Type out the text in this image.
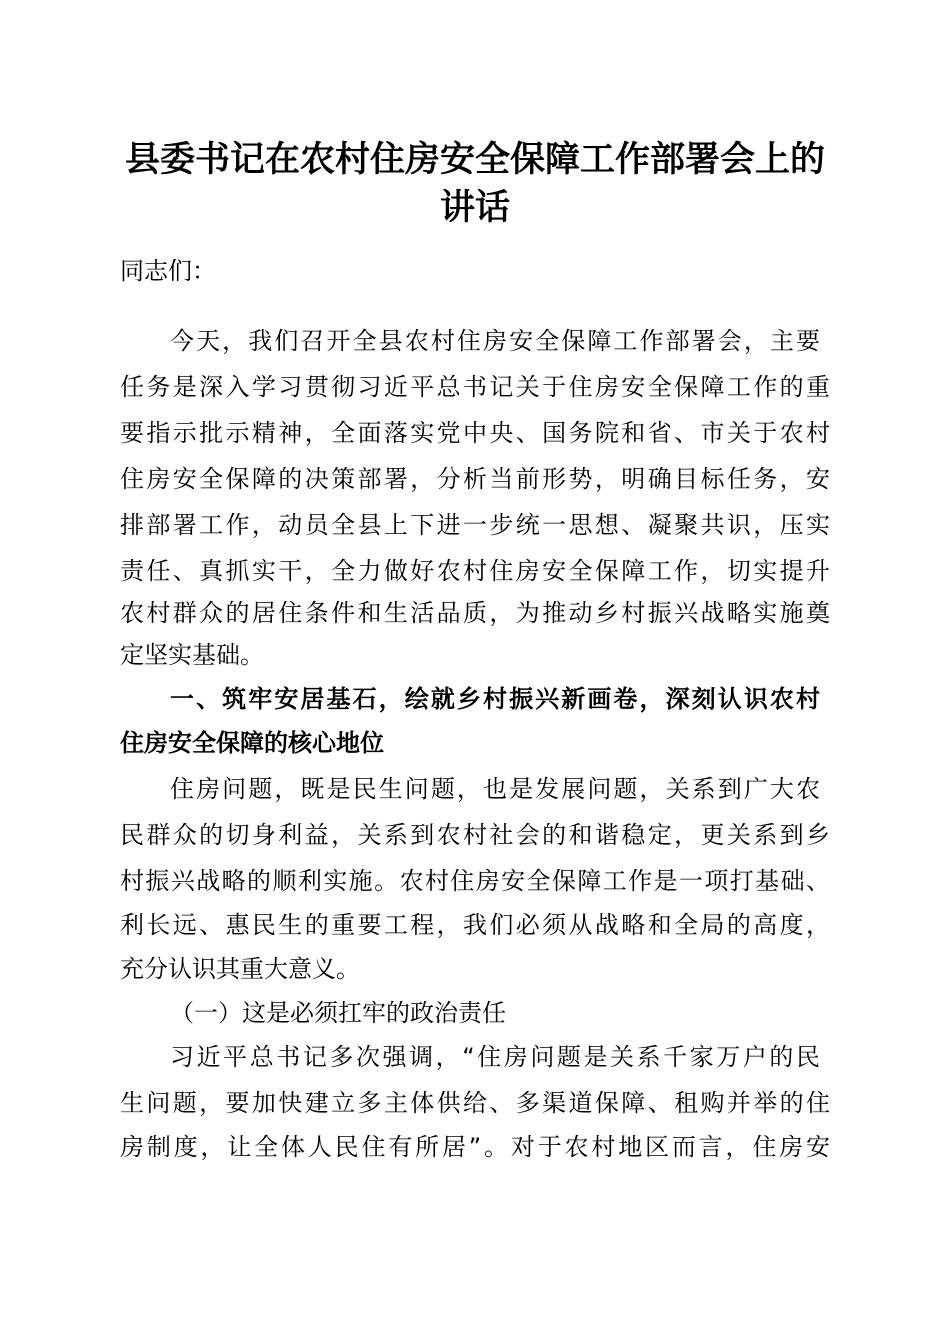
县委书记在农村住房安全保障工作部署会上的
讲话
同志们：
今天，我们召开全县农村住房安全保障工作部署会，主要
任务是深入学习贯彻习近平总书记关于住房安全保障工作的重
要指示批示精神，全面落实党中央、国务院和省、市关于农村
住房安全保障的决策部署，分析当前形势，明确目标任务，安
排部署工作，动员全县上下进一步统一思想、凝聚共识，压实
责任、真抓实干，全力做好农村住房安全保障工作，切实提升
农村群众的居住条件和生活品质，为推动乡村振兴战略实施奠
定坚实基础。
一、筑牢安居基石，绘就乡村振兴新画卷，深刻认识农村
住房安全保障的核心地位
住房问题，既是民生问题，也是发展问题，关系到广大农
民群众的切身利益，关系到农村社会的和谐稳定，更关系到乡
村振兴战略的顺利实施。农村住房安全保障工作是一项打基础、
利长远、惠民生的重要工程，我们必须从战略和全局的高度，
充分认识其重大意义。
（一）这是必须扛牢的政治责任
习近平总书记多次强调，“住房问题是关系千家万户的民
生问题，要加快建立多主体供给、多渠道保障、租购并举的住
房制度，让全体人民住有所居”。对于农村地区而言，住房安
